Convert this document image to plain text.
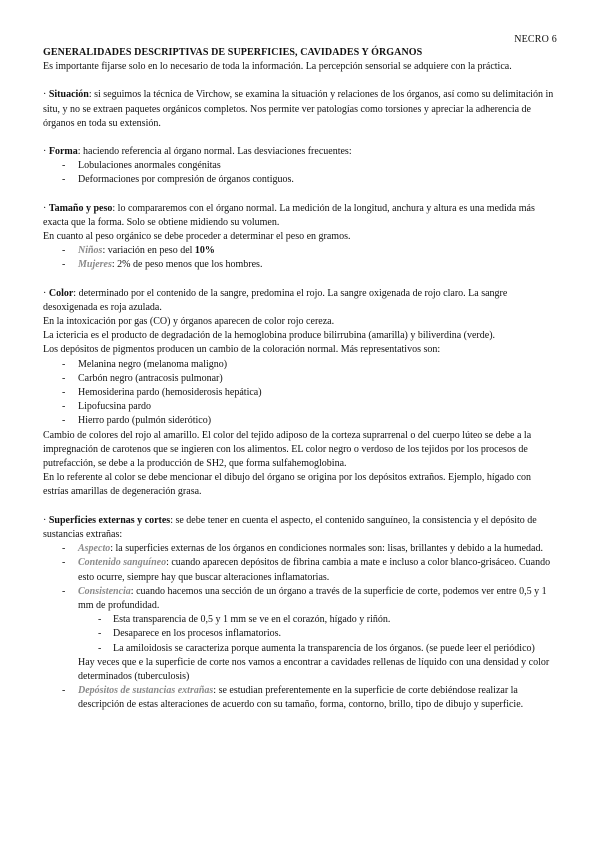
NECRO 6

GENERALIDADES DESCRIPTIVAS DE SUPERFICIES, CAVIDADES Y ÓRGANOS

Es importante fijarse solo en lo necesario de toda la información. La percepción sensorial se adquiere con la práctica.

· Situación: si seguimos la técnica de Virchow, se examina la situación y relaciones de los órganos, así como su delimitación in situ, y no se extraen paquetes orgánicos completos. Nos permite ver patologías como torsiones y apreciar la adherencia de órganos en toda su extensión.

· Forma: haciendo referencia al órgano normal. Las desviaciones frecuentes:

- Lobulaciones anormales congénitas
- Deformaciones por compresión de órganos contiguos.

· Tamaño y peso: lo compararemos con el órgano normal. La medición de la longitud, anchura y altura es una medida más exacta que la forma. Solo se obtiene midiendo su volumen.

En cuanto al peso orgánico se debe proceder a determinar el peso en gramos.

- Niños: variación en peso del 10%
- Mujeres: 2% de peso menos que los hombres.

· Color: determinado por el contenido de la sangre, predomina el rojo. La sangre oxigenada de rojo claro. La sangre desoxigenada es roja azulada.

En la intoxicación por gas (CO) y órganos aparecen de color rojo cereza.

La ictericia es el producto de degradación de la hemoglobina produce bilirrubina (amarilla) y biliverdina (verde).

Los depósitos de pigmentos producen un cambio de la coloración normal. Más representativos son:

- Melanina negro (melanoma maligno)
- Carbón negro (antracosis pulmonar)
- Hemosiderina pardo (hemosiderosis hepática)
- Lipofucsina pardo
- Hierro pardo (pulmón siderótico)

Cambio de colores del rojo al amarillo. El color del tejido adiposo de la corteza suprarrenal o del cuerpo lúteo se debe a la impregnación de carotenos que se ingieren con los alimentos. EL color negro o verdoso de los tejidos por los procesos de putrefacción, se debe a la producción de SH2, que forma sulfahemoglobina.

En lo referente al color se debe mencionar el dibujo del órgano se origina por los depósitos extraños. Ejemplo, hígado con estrías amarillas de degeneración grasa.

· Superficies externas y cortes: se debe tener en cuenta el aspecto, el contenido sanguíneo, la consistencia y el depósito de sustancias extrañas:

- Aspecto: la superficies externas de los órganos en condiciones normales son: lisas, brillantes y debido a la humedad.
- Contenido sanguíneo: cuando aparecen depósitos de fibrina cambia a mate e incluso a color blanco-grisáceo. Cuando esto ocurre, siempre hay que buscar alteraciones inflamatorias.
- Consistencia: cuando hacemos una sección de un órgano a través de la superficie de corte, podemos ver entre 0,5 y 1 mm de profundidad.
- Esta transparencia de 0,5 y 1 mm se ve en el corazón, hígado y riñón.
- Desaparece en los procesos inflamatorios.
- La amiloidosis se caracteriza porque aumenta la transparencia de los órganos. (se puede leer el periódico)

Hay veces que e la superficie de corte nos vamos a encontrar a cavidades rellenas de líquido con una densidad y color determinados (tuberculosis)

- Depósitos de sustancias extrañas: se estudian preferentemente en la superficie de corte debiéndose realizar la descripción de estas alteraciones de acuerdo con su tamaño, forma, contorno, brillo, tipo de dibujo y superficie.
